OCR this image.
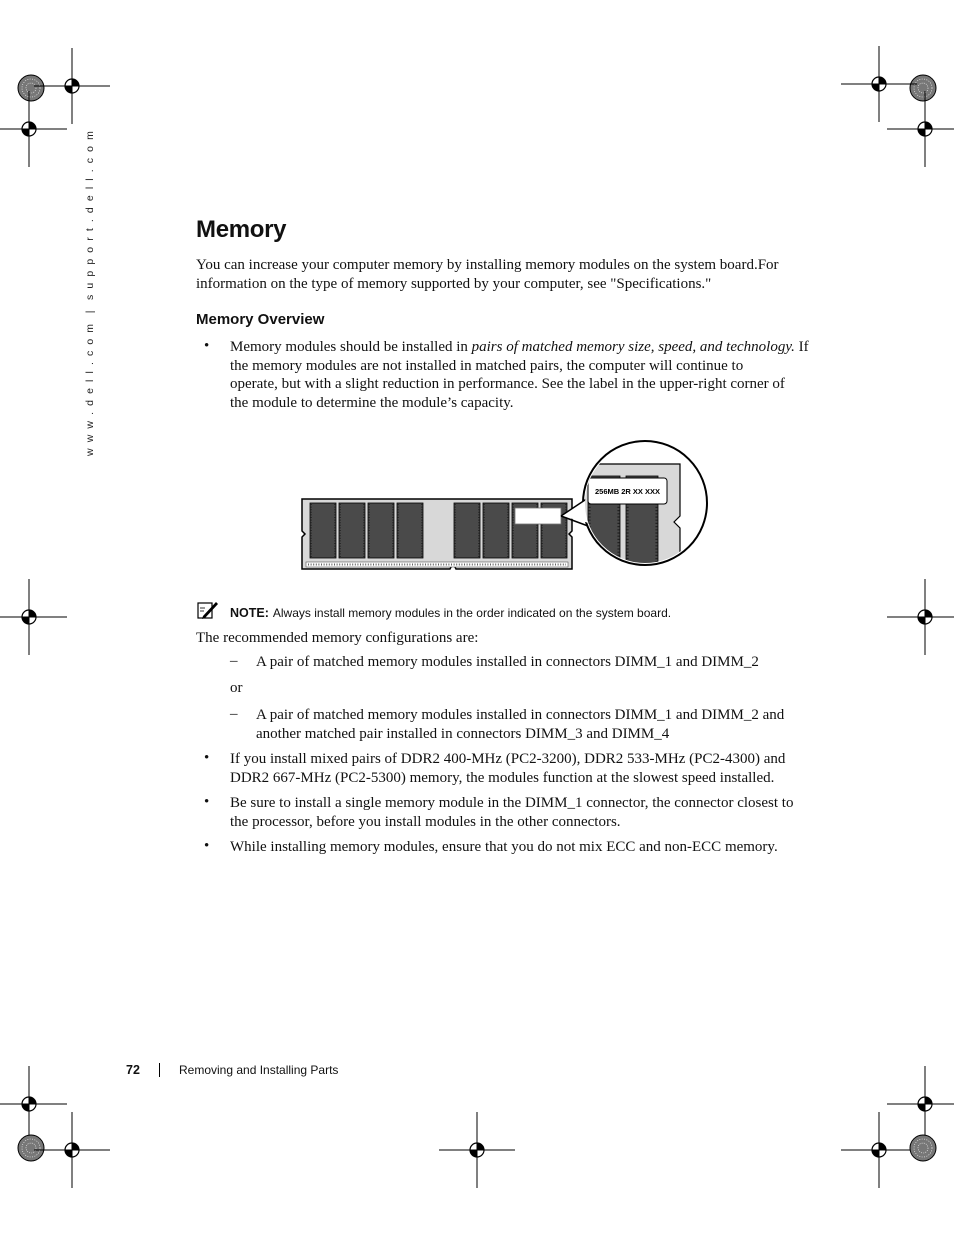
w w w . d e l l . c o m  |  s u p p o r t . d e l l . c o m	Memory
You can increase your computer memory by installing memory modules on the system board.For
information on the type of memory supported by your computer, see "Specifications."
Memory Overview
• Memory modules should be installed in pairs of matched memory size, speed, and technology. If
the memory modules are not installed in matched pairs, the computer will continue to
operate, but with a slight reduction in performance. See the label in the upper-right corner of
the module to determine the module’s capacity.
256MB 2R XX XXX
NOTE: Always install memory modules in the order indicated on the system board.
The recommended memory configurations are:
– A pair of matched memory modules installed in connectors DIMM_1 and DIMM_2
or
– A pair of matched memory modules installed in connectors DIMM_1 and DIMM_2 and
another matched pair installed in connectors DIMM_3 and DIMM_4
• If you install mixed pairs of DDR2 400-MHz (PC2-3200), DDR2 533-MHz (PC2-4300) and
DDR2 667-MHz (PC2-5300) memory, the modules function at the slowest speed installed.
• Be sure to install a single memory module in the DIMM_1 connector, the connector closest to
the processor, before you install modules in the other connectors.
• While installing memory modules, ensure that you do not mix ECC and non-ECC memory.
72	Removing and Installing Parts
